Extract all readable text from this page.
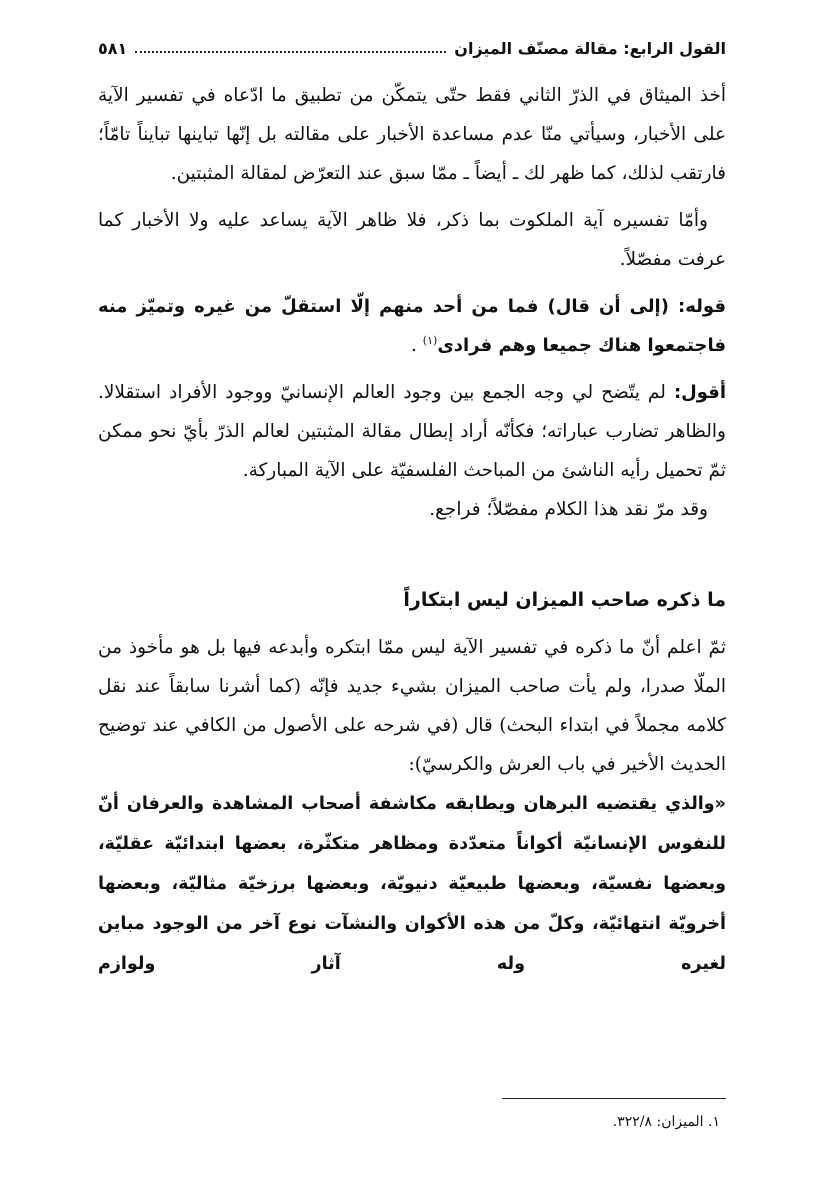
القول الرابع: مقالة مصنّف الميزان
٥٨١

أخذ الميثاق في الذرّ الثاني فقط حتّى يتمكّن من تطبيق ما ادّعاه في تفسير الآية على الأخبار، وسيأتي منّا عدم مساعدة الأخبار على مقالته بل إنّها تباينها تبايناً تامّاً؛ فارتقب لذلك، كما ظهر لك ـ أيضاً ـ ممّا سبق عند التعرّض لمقالة المثبتين.

وأمّا تفسيره آية الملكوت بما ذكر، فلا ظاهر الآية يساعد عليه ولا الأخبار كما عرفت مفصّلاً.

قوله: (إلى أن قال) فما من أحد منهم إلّا استقلّ من غيره وتميّز منه فاجتمعوا هناك جميعا وهم فرادى$^{(١)}$ .

أقول: لم يتّضح لي وجه الجمع بين وجود العالم الإنسانيّ ووجود الأفراد استقلالا. والظاهر تضارب عباراته؛ فكأنّه أراد إبطال مقالة المثبتين لعالم الذرّ بأيّ نحو ممكن ثمّ تحميل رأيه الناشئ من المباحث الفلسفيّة على الآية المباركة.

وقد مرّ نقد هذا الكلام مفصّلاً؛ فراجع.

ما ذكره صاحب الميزان ليس ابتكاراً

ثمّ اعلم أنّ ما ذكره في تفسير الآية ليس ممّا ابتكره وأبدعه فيها بل هو مأخوذ من الملّا صدرا، ولم يأت صاحب الميزان بشيء جديد فإنّه (كما أشرنا سابقاً عند نقل كلامه مجملاً في ابتداء البحث) قال (في شرحه على الأصول من الكافي عند توضيح الحديث الأخير في باب العرش والكرسيّ):

«والذي يقتضيه البرهان ويطابقه مكاشفة أصحاب المشاهدة والعرفان أنّ للنفوس الإنسانيّة أكواناً متعدّدة ومظاهر متكثّرة، بعضها ابتدائيّة عقليّة، وبعضها نفسيّة، وبعضها طبيعيّة دنيويّة، وبعضها برزخيّة مثاليّة، وبعضها أخرويّة انتهائيّة، وكلّ من هذه الأكوان والنشآت نوع آخر من الوجود مباين لغيره وله آثار ولوازم

١. الميزان: ٣٢٢/٨.
